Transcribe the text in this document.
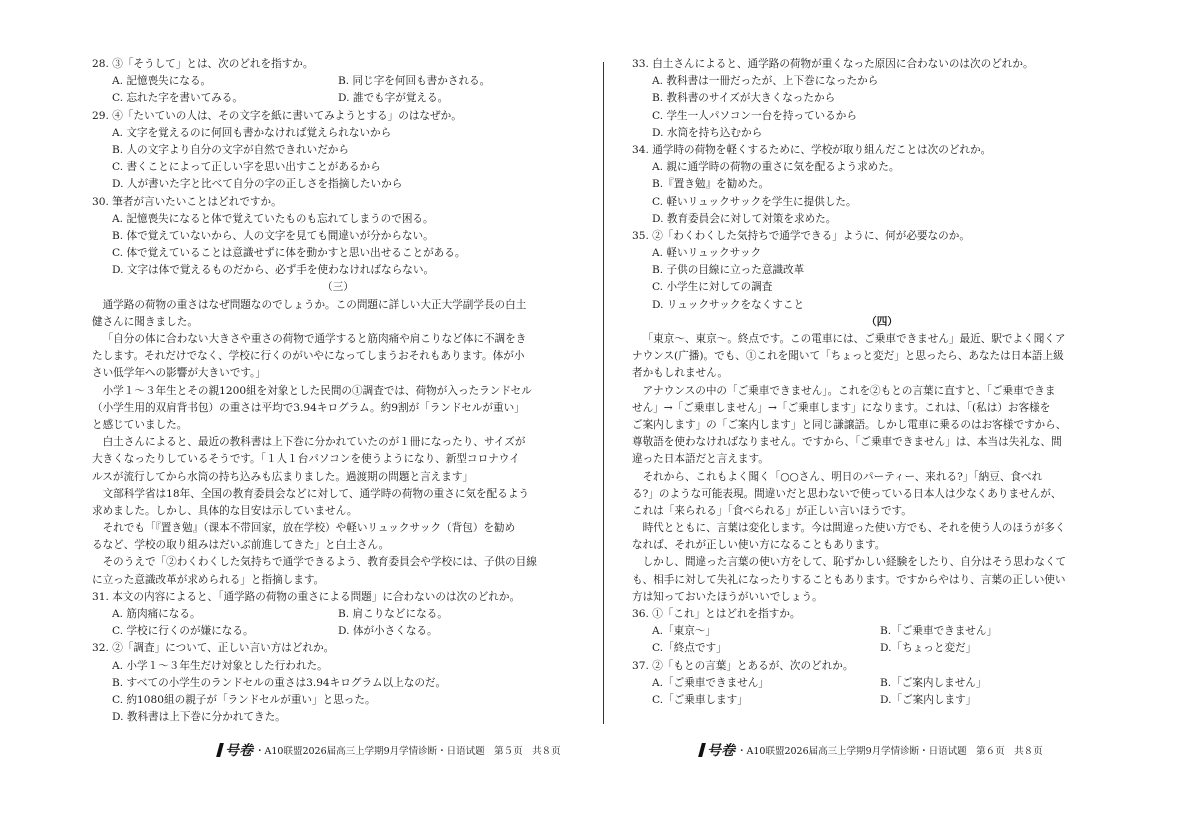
28. ③「そうして」とは、次のどれを指すか。
A. 記憶喪失になる。	B. 同じ字を何回も書かされる。
C. 忘れた字を書いてみる。	D. 誰でも字が覚える。
29. ④「たいていの人は、その文字を紙に書いてみようとする」のはなぜか。
A. 文字を覚えるのに何回も書かなければ覚えられないから
B. 人の文字より自分の文字が自然できれいだから
C. 書くことによって正しい字を思い出すことがあるから
D. 人が書いた字と比べて自分の字の正しさを指摘したいから
30. 筆者が言いたいことはどれですか。
A. 記憶喪失になると体で覚えていたものも忘れてしまうので困る。
B. 体で覚えていないから、人の文字を見ても間違いが分からない。
C. 体で覚えていることは意識せずに体を動かすと思い出せることがある。
D. 文字は体で覚えるものだから、必ず手を使わなければならない。
（三）
通学路の荷物の重さはなぜ問題なのでしょうか。この問題に詳しい大正大学副学長の白土
健さんに聞きました。
「自分の体に合わない大きさや重さの荷物で通学すると筋肉痛や肩こりなど体に不調をき
たします。それだけでなく、学校に行くのがいやになってしまうおそれもあります。体が小
さい低学年への影響が大きいです。」
小学１～３年生とその親1200組を対象とした民間の①調査では、荷物が入ったランドセル
（小学生用的双肩背书包）の重さは平均で3.94キログラム。約9割が「ランドセルが重い」
と感じていました。
白土さんによると、最近の教科書は上下巻に分かれていたのが１冊になったり、サイズが
大きくなったりしているそうです。「１人１台パソコンを使うようになり、新型コロナウイ
ルスが流行してから水筒の持ち込みも広まりました。過渡期の問題と言えます」
文部科学省は18年、全国の教育委員会などに対して、通学時の荷物の重さに気を配るよう
求めました。しかし、具体的な目安は示していません。
それでも「『置き勉』（课本不带回家，放在学校）や軽いリュックサック（背包）を勧め
るなど、学校の取り組みはだいぶ前進してきた」と白土さん。
そのうえで「②わくわくした気持ちで通学できるよう、教育委員会や学校には、子供の目線
に立った意識改革が求められる」と指摘します。
31. 本文の内容によると、「通学路の荷物の重さによる問題」に合わないのは次のどれか。
A. 筋肉痛になる。	B. 肩こりなどになる。
C. 学校に行くのが嫌になる。	D. 体が小さくなる。
32. ②「調査」について、正しい言い方はどれか。
A. 小学１～３年生だけ対象とした行われた。
B. すべての小学生のランドセルの重さは3.94キログラム以上なのだ。
C. 約1080組の親子が「ランドセルが重い」と思った。
D. 教科書は上下巻に分かれてきた。
33. 白土さんによると、通学路の荷物が重くなった原因に合わないのは次のどれか。
A. 教科書は一冊だったが、上下巻になったから
B. 教科書のサイズが大きくなったから
C. 学生一人パソコン一台を持っているから
D. 水筒を持ち込むから
34. 通学時の荷物を軽くするために、学校が取り組んだことは次のどれか。
A. 親に通学時の荷物の重さに気を配るよう求めた。
B.『置き勉』を勧めた。
C. 軽いリュックサックを学生に提供した。
D. 教育委員会に対して対策を求めた。
35. ②「わくわくした気持ちで通学できる」ように、何が必要なのか。
A. 軽いリュックサック
B. 子供の目線に立った意識改革
C. 小学生に対しての調査
D. リュックサックをなくすこと
（四）
「東京～、東京～。終点です。この電車には、ご乗車できません」最近、駅でよく聞くア
ナウンス(广播)。でも、①これを聞いて「ちょっと変だ」と思ったら、あなたは日本語上級
者かもしれません。
アナウンスの中の「ご乗車できません」。これを②もとの言葉に直すと、「ご乗車できま
せん」→「ご乗車しません」→「ご乗車します」になります。これは、「(私は）お客様を
ご案内します」の「ご案内します」と同じ謙譲語。しかし電車に乗るのはお客様ですから、
尊敬語を使わなければなりません。ですから、「ご乗車できません」は、本当は失礼な、間
違った日本語だと言えます。
それから、これもよく聞く「○○さん、明日のパーティー、来れる?」「納豆、食べれ
る?」のような可能表現。間違いだと思わないで使っている日本人は少なくありませんが、
これは「来られる」「食べられる」が正しい言いほうです。
時代とともに、言葉は変化します。今は間違った使い方でも、それを使う人のほうが多く
なれば、それが正しい使い方になることもあります。
しかし、間違った言葉の使い方をして、恥ずかしい経験をしたり、自分はそう思わなくて
も、相手に対して失礼になったりすることもあります。ですからやはり、言葉の正しい使い
方は知っておいたほうがいいでしょう。
36. ①「これ」とはどれを指すか。
A.「東京～」	B.「ご乗車できません」
C.「終点です」	D.「ちょっと変だ」
37. ②「もとの言葉」とあるが、次のどれか。
A.「ご乗車できません」	B.「ご案内しません」
C.「ご乗車します」	D.「ご案内します」
号卷 ・A10联盟2026届高三上学期9月学情诊断・日语试题　第５页　共８页	号卷 ・A10联盟2026届高三上学期9月学情诊断・日语试题　第６页　共８页
